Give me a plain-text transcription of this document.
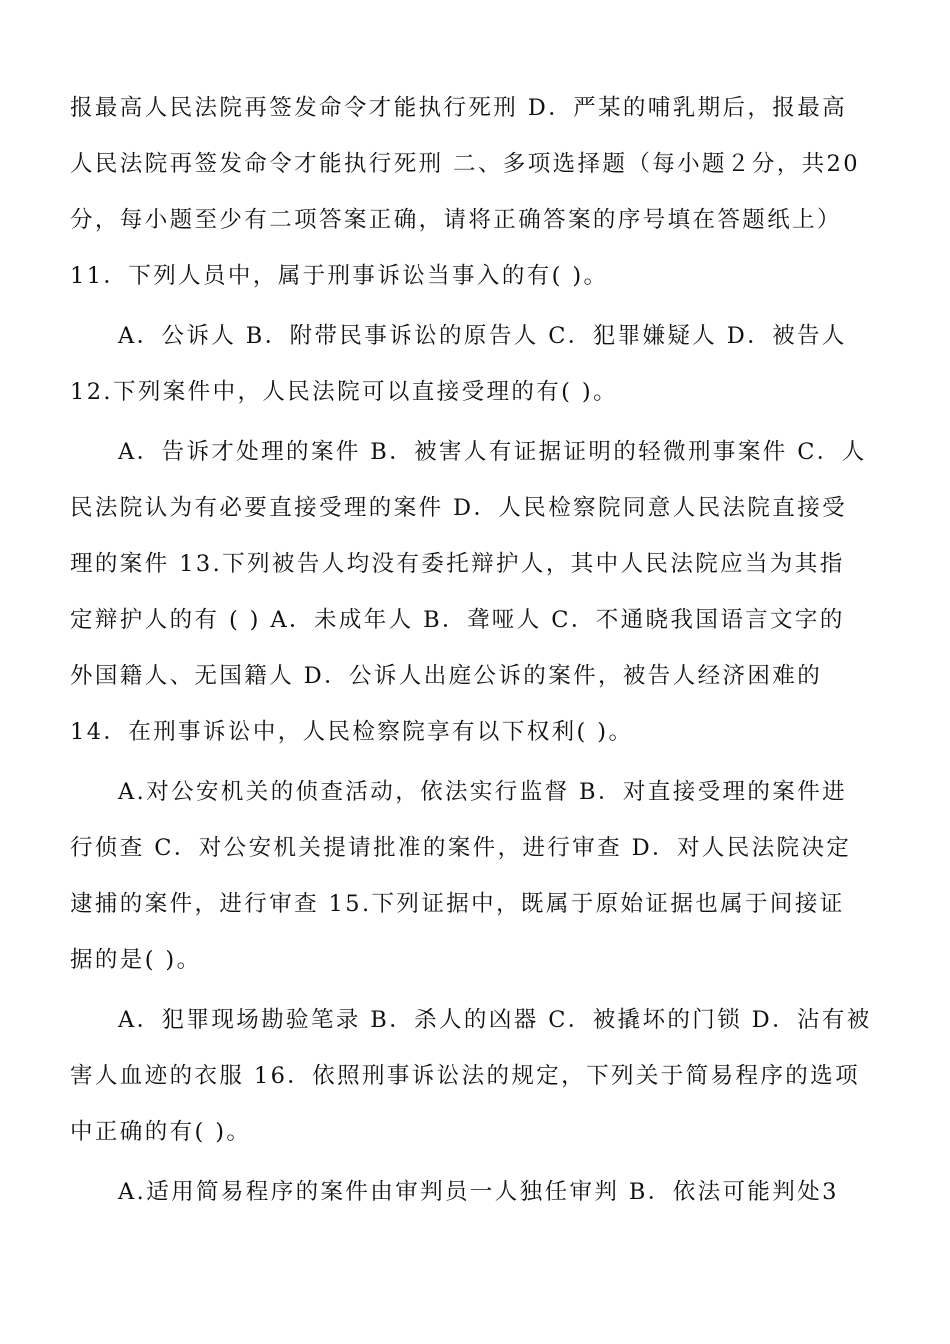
报最高人民法院再签发命令才能执行死刑 D．严某的哺乳期后，报最高
人民法院再签发命令才能执行死刑 二、多项选择题（每小题２分，共20
分，每小题至少有二项答案正确，请将正确答案的序号填在答题纸上）
11．下列人员中，属于刑事诉讼当事入的有( )。
A．公诉人 B．附带民事诉讼的原告人 C．犯罪嫌疑人 D．被告人
12.下列案件中，人民法院可以直接受理的有( )。
A．告诉才处理的案件 B．被害人有证据证明的轻微刑事案件 C．人
民法院认为有必要直接受理的案件 D．人民检察院同意人民法院直接受
理的案件 13.下列被告人均没有委托辩护人，其中人民法院应当为其指
定辩护人的有 ( ) A．未成年人 B．聋哑人 C．不通晓我国语言文字的
外国籍人、无国籍人 D．公诉人出庭公诉的案件，被告人经济困难的
14．在刑事诉讼中，人民检察院享有以下权利( )。
A.对公安机关的侦查活动，依法实行监督 B．对直接受理的案件进
行侦查 C．对公安机关提请批准的案件，进行审查 D．对人民法院决定
逮捕的案件，进行审查 15.下列证据中，既属于原始证据也属于间接证
据的是( )。
A．犯罪现场勘验笔录 B．杀人的凶器 C．被撬坏的门锁 D．沾有被
害人血迹的衣服 16．依照刑事诉讼法的规定，下列关于简易程序的选项
中正确的有( )。
A.适用简易程序的案件由审判员一人独任审判 B．依法可能判处3
